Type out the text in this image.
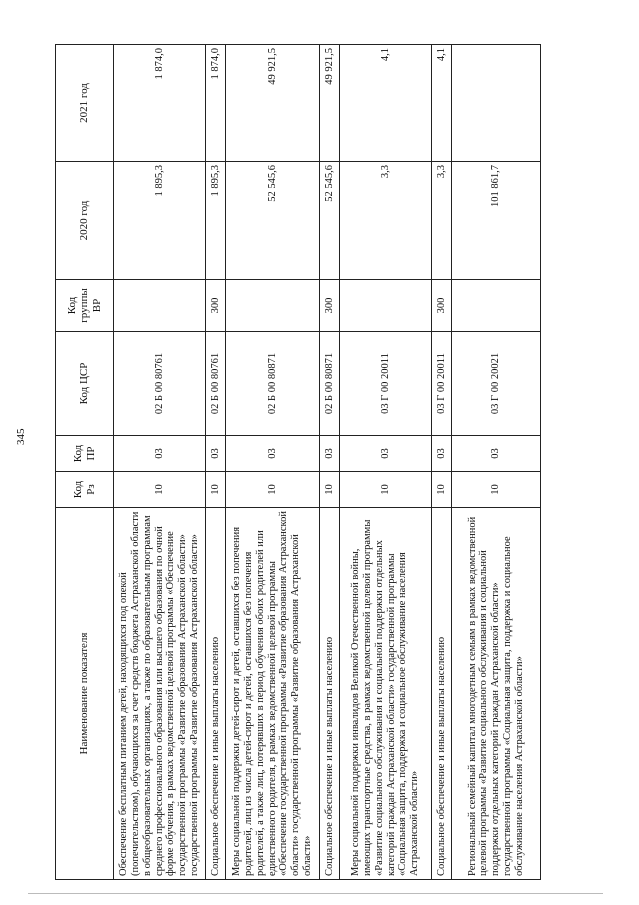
345
Наименование показателя	Код Рз	Код ПР	Код ЦСР	Код группы ВР	2020 год	2021 год
Обеспечение бесплатным питанием детей, находящихся под опекой (попечительством), обучающихся за счет средств бюджета Астраханской области в общеобразовательных организациях, а также по образовательным программам среднего профессионального образования или высшего образования по очной форме обучения, в рамках ведомственной целевой программы «Обеспечение государственной программы «Развитие образования Астраханской области» государственной программы «Развитие образования Астраханской области»	10	03	02 Б 00 80761		1 895,3	1 874,0
Социальное обеспечение и иные выплаты населению	10	03	02 Б 00 80761	300	1 895,3	1 874,0
Меры социальной поддержки детей-сирот и детей, оставшихся без попечения родителей, лиц из числа детей-сирот и детей, оставшихся без попечения родителей, а также лиц, потерявших в период обучения обоих родителей или единственного родителя, в рамках ведомственной целевой программы «Обеспечение государственной программы «Развитие образования Астраханской области» государственной программы «Развитие образования Астраханской области»	10	03	02 Б 00 80871		52 545,6	49 921,5
Социальное обеспечение и иные выплаты населению	10	03	02 Б 00 80871	300	52 545,6	49 921,5
Меры социальной поддержки инвалидов Великой Отечественной войны, имеющих транспортные средства, в рамках ведомственной целевой программы «Развитие социального обслуживания и социальной поддержки отдельных категорий граждан Астраханской области» государственной программы «Социальная защита, поддержка и социальное обслуживание населения Астраханской области»	10	03	03 Г 00 20011		3,3	4,1
Социальное обеспечение и иные выплаты населению	10	03	03 Г 00 20011	300	3,3	4,1
Региональный семейный капитал многодетным семьям в рамках ведомственной целевой программы «Развитие социального обслуживания и социальной поддержки отдельных категорий граждан Астраханской области» государственной программы «Социальная защита, поддержка и социальное обслуживание населения Астраханской области»	10	03	03 Г 00 20021		101 861,7	
